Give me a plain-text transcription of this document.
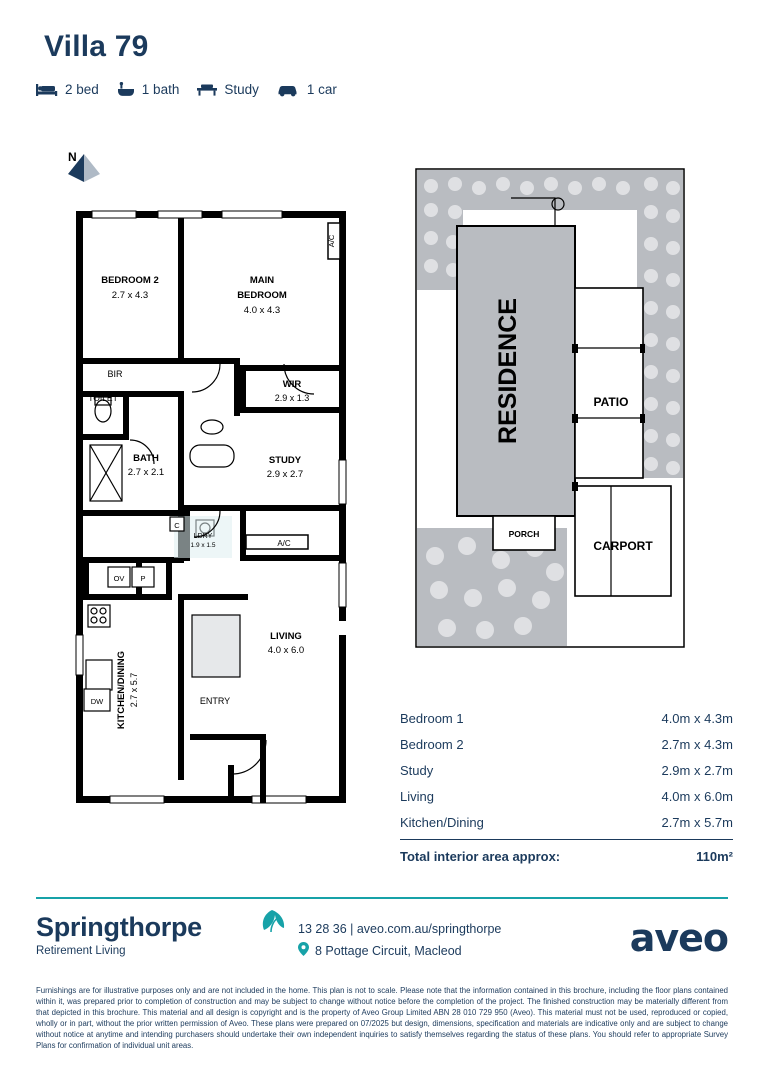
Villa 79
2 bed	1 bath	Study	1 car
N
BEDROOM 2
2.7 x 4.3
MAIN
BEDROOM
4.0 x 4.3
BIR
TOILET
WIR
2.9 x 1.3
BATH
2.7 x 2.1
STUDY
2.9 x 2.7
LDRY
1.9 x 1.5
LIVING
4.0 x 6.0
ENTRY
A/C
KITCHEN/DINING 2.7 x 5.7
A/C
DW
OV P
C
RESIDENCE	PATIO
CARPORT
PORCH
Bedroom 1	4.0m x 4.3m
Bedroom 2	2.7m x 4.3m
Study	2.9m x 2.7m
Living	4.0m x 6.0m
Kitchen/Dining	2.7m x 5.7m
Total interior area approx:	110m²
Springthorpe
Retirement Living
13 28 36 | aveo.com.au/springthorpe
8 Pottage Circuit, Macleod	aveo
Furnishings are for illustrative purposes only and are not included in the home. This plan is not to scale. Please note that the information contained in this brochure, including the floor plans contained within it, was prepared prior to completion of construction and may be subject to change without notice before the completion of the project. The finished construction may be materially different from that depicted in this brochure. This material and all design is copyright and is the property of Aveo Group Limited ABN 28 010 729 950 (Aveo). This material must not be used, reproduced or copied, wholly or in part, without the prior written permission of Aveo. These plans were prepared on 07/2025 but design, dimensions, specification and materials are indicative only and are subject to change without notice at anytime and intending purchasers should undertake their own independent inquiries to satisfy themselves regarding the status of these plans. You should refer to appropriate Survey Plans for confirmation of individual unit areas.
